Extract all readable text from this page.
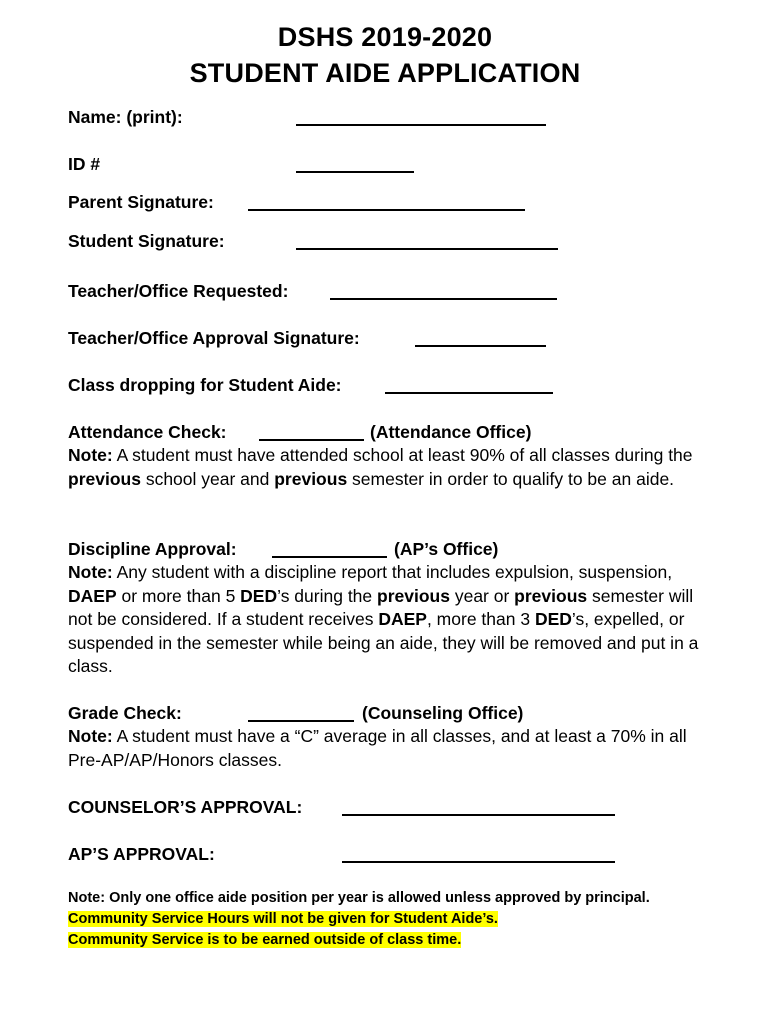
DSHS 2019-2020
STUDENT AIDE APPLICATION
Name: (print):
ID #
Parent Signature:
Student Signature:
Teacher/Office Requested:
Teacher/Office Approval Signature:
Class dropping for Student Aide:
Attendance Check:	(Attendance Office)
Note: A student must have attended school at least 90% of all classes during the previous school year and previous semester in order to qualify to be an aide.
Discipline Approval:	(AP’s Office)
Note: Any student with a discipline report that includes expulsion, suspension, DAEP or more than 5 DED’s during the previous year or previous semester will not be considered. If a student receives DAEP, more than 3 DED’s, expelled, or suspended in the semester while being an aide, they will be removed and put in a class.
Grade Check:	(Counseling Office)
Note: A student must have a “C” average in all classes, and at least a 70% in all Pre-AP/AP/Honors classes.
COUNSELOR’S APPROVAL:
AP’S APPROVAL:
Note: Only one office aide position per year is allowed unless approved by principal. Community Service Hours will not be given for Student Aide’s.
Community Service is to be earned outside of class time.
